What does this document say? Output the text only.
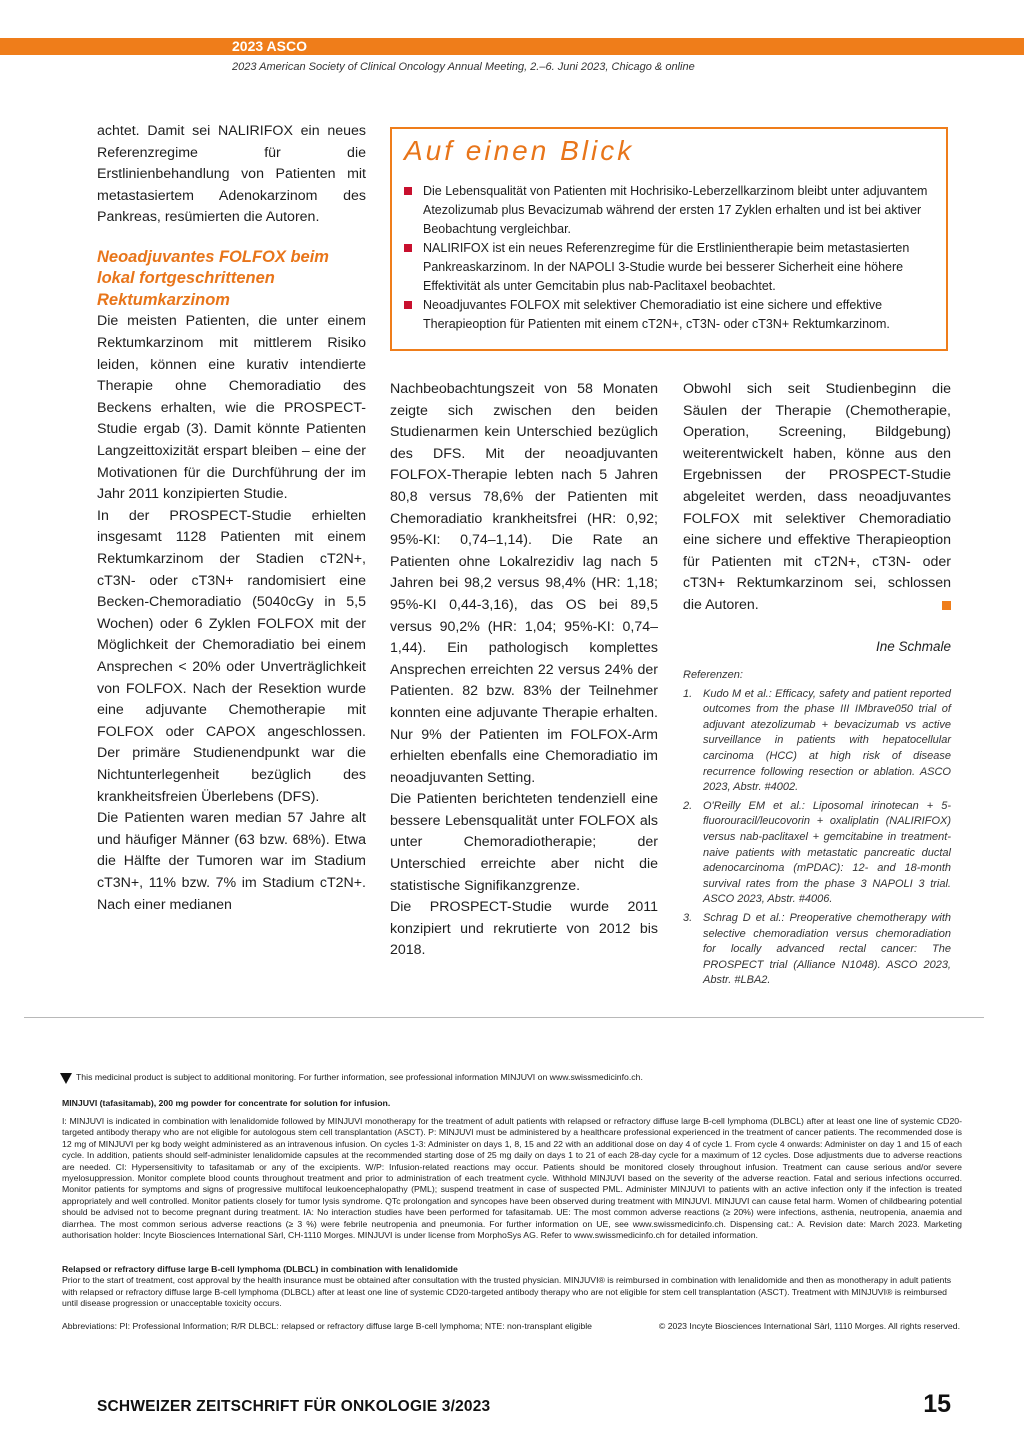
2023 ASCO
2023 American Society of Clinical Oncology Annual Meeting, 2.–6. Juni 2023, Chicago & online

achtet. Damit sei NALIRIFOX ein neues Referenzregime für die Erstlinienbehandlung von Patienten mit metastasiertem Adenokarzinom des Pankreas, resümierten die Autoren.

Neoadjuvantes FOLFOX beim lokal fortgeschrittenen Rektumkarzinom

Die meisten Patienten, die unter einem Rektumkarzinom mit mittlerem Risiko leiden, können eine kurativ intendierte Therapie ohne Chemoradiatio des Beckens erhalten, wie die PROSPECT-Studie ergab (3). Damit könnte Patienten Langzeittoxizität erspart bleiben – eine der Motivationen für die Durchführung der im Jahr 2011 konzipierten Studie.

In der PROSPECT-Studie erhielten insgesamt 1128 Patienten mit einem Rektumkarzinom der Stadien cT2N+, cT3N- oder cT3N+ randomisiert eine Becken-Chemoradiatio (5040cGy in 5,5 Wochen) oder 6 Zyklen FOLFOX mit der Möglichkeit der Chemoradiatio bei einem Ansprechen < 20% oder Unverträglichkeit von FOLFOX. Nach der Resektion wurde eine adjuvante Chemotherapie mit FOLFOX oder CAPOX angeschlossen. Der primäre Studienendpunkt war die Nichtunterlegenheit bezüglich des krankheitsfreien Überlebens (DFS).

Die Patienten waren median 57 Jahre alt und häufiger Männer (63 bzw. 68%). Etwa die Hälfte der Tumoren war im Stadium cT3N+, 11% bzw. 7% im Stadium cT2N+. Nach einer medianen

Auf einen Blick
Die Lebensqualität von Patienten mit Hochrisiko-Leberzellkarzinom bleibt unter adjuvantem Atezolizumab plus Bevacizumab während der ersten 17 Zyklen erhalten und ist bei aktiver Beobachtung vergleichbar.
NALIRIFOX ist ein neues Referenzregime für die Erstlinientherapie beim metastasierten Pankreaskarzinom. In der NAPOLI 3-Studie wurde bei besserer Sicherheit eine höhere Effektivität als unter Gemcitabin plus nab-Paclitaxel beobachtet.
Neoadjuvantes FOLFOX mit selektiver Chemoradiatio ist eine sichere und effektive Therapieoption für Patienten mit einem cT2N+, cT3N- oder cT3N+ Rektumkarzinom.

Nachbeobachtungszeit von 58 Monaten zeigte sich zwischen den beiden Studienarmen kein Unterschied bezüglich des DFS. Mit der neoadjuvanten FOLFOX-Therapie lebten nach 5 Jahren 80,8 versus 78,6% der Patienten mit Chemoradiatio krankheitsfrei (HR: 0,92; 95%-KI: 0,74–1,14). Die Rate an Patienten ohne Lokalrezidiv lag nach 5 Jahren bei 98,2 versus 98,4% (HR: 1,18; 95%-KI 0,44-3,16), das OS bei 89,5 versus 90,2% (HR: 1,04; 95%-KI: 0,74–1,44). Ein pathologisch komplettes Ansprechen erreichten 22 versus 24% der Patienten. 82 bzw. 83% der Teilnehmer konnten eine adjuvante Therapie erhalten. Nur 9% der Patienten im FOLFOX-Arm erhielten ebenfalls eine Chemoradiatio im neoadjuvanten Setting.

Die Patienten berichteten tendenziell eine bessere Lebensqualität unter FOLFOX als unter Chemoradiotherapie; der Unterschied erreichte aber nicht die statistische Signifikanzgrenze.

Die PROSPECT-Studie wurde 2011 konzipiert und rekrutierte von 2012 bis 2018.

Obwohl sich seit Studienbeginn die Säulen der Therapie (Chemotherapie, Operation, Screening, Bildgebung) weiterentwickelt haben, könne aus den Ergebnissen der PROSPECT-Studie abgeleitet werden, dass neoadjuvantes FOLFOX mit selektiver Chemoradiatio eine sichere und effektive Therapieoption für Patienten mit cT2N+, cT3N- oder cT3N+ Rektumkarzinom sei, schlossen die Autoren.

Ine Schmale

Referenzen:

1. Kudo M et al.: Efficacy, safety and patient reported outcomes from the phase III IMbrave050 trial of adjuvant atezolizumab + bevacizumab vs active surveillance in patients with hepatocellular carcinoma (HCC) at high risk of disease recurrence following resection or ablation. ASCO 2023, Abstr. #4002.
2. O'Reilly EM et al.: Liposomal irinotecan + 5-fluorouracil/leucovorin + oxaliplatin (NALIRIFOX) versus nab-paclitaxel + gemcitabine in treatment-naive patients with metastatic pancreatic ductal adenocarcinoma (mPDAC): 12- and 18-month survival rates from the phase 3 NAPOLI 3 trial. ASCO 2023, Abstr. #4006.
3. Schrag D et al.: Preoperative chemotherapy with selective chemoradiation versus chemoradiation for locally advanced rectal cancer: The PROSPECT trial (Alliance N1048). ASCO 2023, Abstr. #LBA2.
This medicinal product is subject to additional monitoring. For further information, see professional information MINJUVI on www.swissmedicinfo.ch.
MINJUVI (tafasitamab), 200 mg powder for concentrate for solution for infusion.
I: MINJUVI is indicated in combination with lenalidomide followed by MINJUVI monotherapy for the treatment of adult patients with relapsed or refractory diffuse large B-cell lymphoma (DLBCL) after at least one line of systemic CD20-targeted antibody therapy who are not eligible for autologous stem cell transplantation (ASCT). P: MINJUVI must be administered by a healthcare professional experienced in the treatment of cancer patients. The recommended dose is 12 mg of MINJUVI per kg body weight administered as an intravenous infusion. On cycles 1-3: Administer on days 1, 8, 15 and 22 with an additional dose on day 4 of cycle 1. From cycle 4 onwards: Administer on day 1 and 15 of each cycle. In addition, patients should self-administer lenalidomide capsules at the recommended starting dose of 25 mg daily on days 1 to 21 of each 28-day cycle for a maximum of 12 cycles. Dose adjustments due to adverse reactions are needed. CI: Hypersensitivity to tafasitamab or any of the excipients. W/P: Infusion-related reactions may occur. Patients should be monitored closely throughout infusion. Treatment can cause serious and/or severe myelosuppression. Monitor complete blood counts throughout treatment and prior to administration of each treatment cycle. Withhold MINJUVI based on the severity of the adverse reaction. Fatal and serious infections occurred. Monitor patients for symptoms and signs of progressive multifocal leukoencephalopathy (PML); suspend treatment in case of suspected PML. Administer MINJUVI to patients with an active infection only if the infection is treated appropriately and well controlled. Monitor patients closely for tumor lysis syndrome. QTc prolongation and syncopes have been observed during treatment with MINJUVI. MINJUVI can cause fetal harm. Women of childbearing potential should be advised not to become pregnant during treatment. IA: No interaction studies have been performed for tafasitamab. UE: The most common adverse reactions (≥ 20%) were infections, asthenia, neutropenia, anaemia and diarrhea. The most common serious adverse reactions (≥ 3 %) were febrile neutropenia and pneumonia. For further information on UE, see www.swissmedicinfo.ch. Dispensing cat.: A. Revision date: March 2023. Marketing authorisation holder: Incyte Biosciences International Sàrl, CH-1110 Morges. MINJUVI is under license from MorphoSys AG. Refer to www.swissmedicinfo.ch for detailed information.

Relapsed or refractory diffuse large B-cell lymphoma (DLBCL) in combination with lenalidomide

Prior to the start of treatment, cost approval by the health insurance must be obtained after consultation with the trusted physician. MINJUVI® is reimbursed in combination with lenalidomide and then as monotherapy in adult patients with relapsed or refractory diffuse large B-cell lymphoma (DLBCL) after at least one line of systemic CD20-targeted antibody therapy who are not eligible for stem cell transplantation (ASCT). Treatment with MINJUVI® is reimbursed until disease progression or unacceptable toxicity occurs.

Abbreviations: PI: Professional Information; R/R DLBCL: relapsed or refractory diffuse large B-cell lymphoma; NTE: non-transplant eligible	© 2023 Incyte Biosciences International Sàrl, 1110 Morges. All rights reserved.
SCHWEIZER ZEITSCHRIFT FÜR ONKOLOGIE 3/2023	15
